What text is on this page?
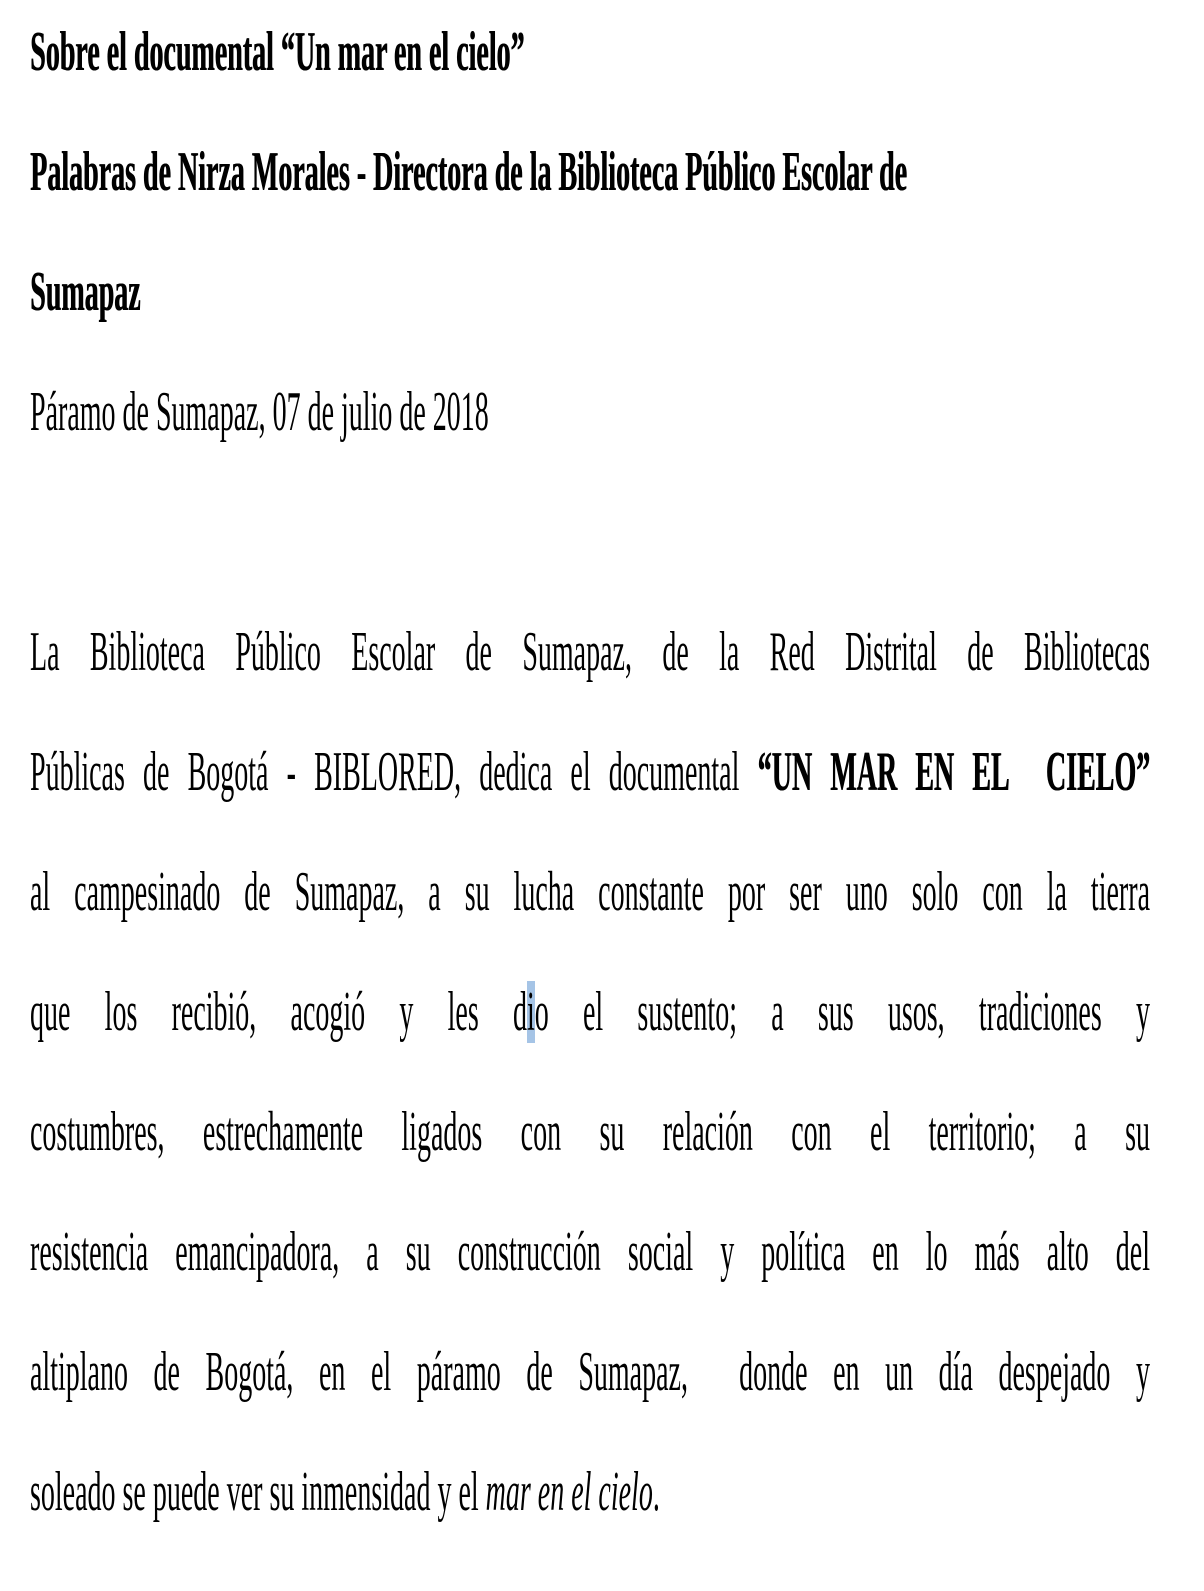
Sobre el documental “Un mar en el cielo”
Palabras de Nirza Morales - Directora de la Biblioteca Público Escolar de
Sumapaz
Páramo de Sumapaz, 07 de julio de 2018

La Biblioteca Público Escolar de Sumapaz, de la Red Distrital de Bibliotecas
Públicas de Bogotá - BIBLORED, dedica el documental “UN MAR EN EL  CIELO”
al campesinado de Sumapaz, a su lucha constante por ser uno solo con la tierra
que los recibió, acogió y les dio el sustento; a sus usos, tradiciones y
costumbres, estrechamente ligados con su relación con el territorio; a su
resistencia emancipadora, a su construcción social y política en lo más alto del
altiplano de Bogotá, en el páramo de Sumapaz,  donde en un día despejado y
soleado se puede ver su inmensidad y el mar en el cielo.
